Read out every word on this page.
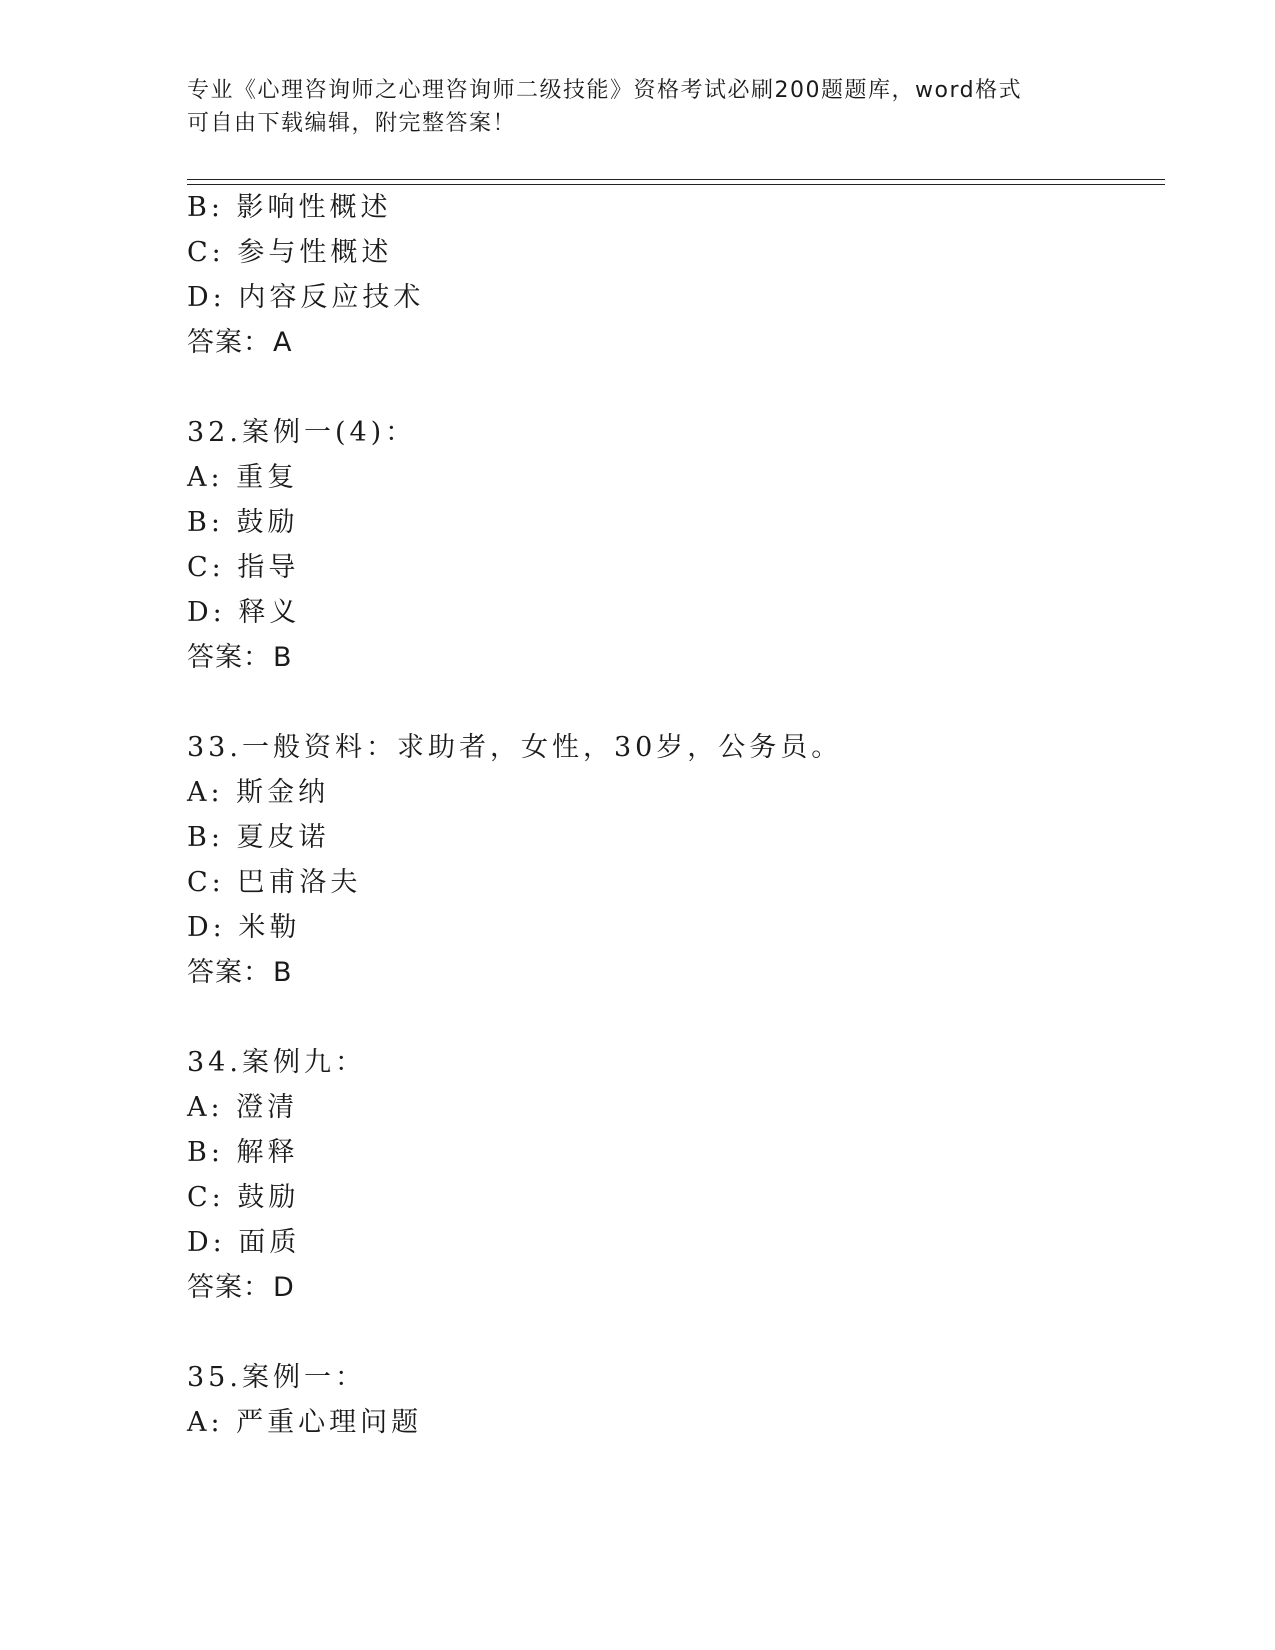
专业《心理咨询师之心理咨询师二级技能》资格考试必刷200题题库，word格式
可自由下载编辑，附完整答案！
B: 影响性概述
C: 参与性概述
D: 内容反应技术
答案：A
32.案例一(4)：
A: 重复
B: 鼓励
C: 指导
D: 释义
答案：B
33.一般资料：求助者，女性，30岁，公务员。
A: 斯金纳
B: 夏皮诺
C: 巴甫洛夫
D: 米勒
答案：B
34.案例九：
A: 澄清
B: 解释
C: 鼓励
D: 面质
答案：D
35.案例一：
A: 严重心理问题
